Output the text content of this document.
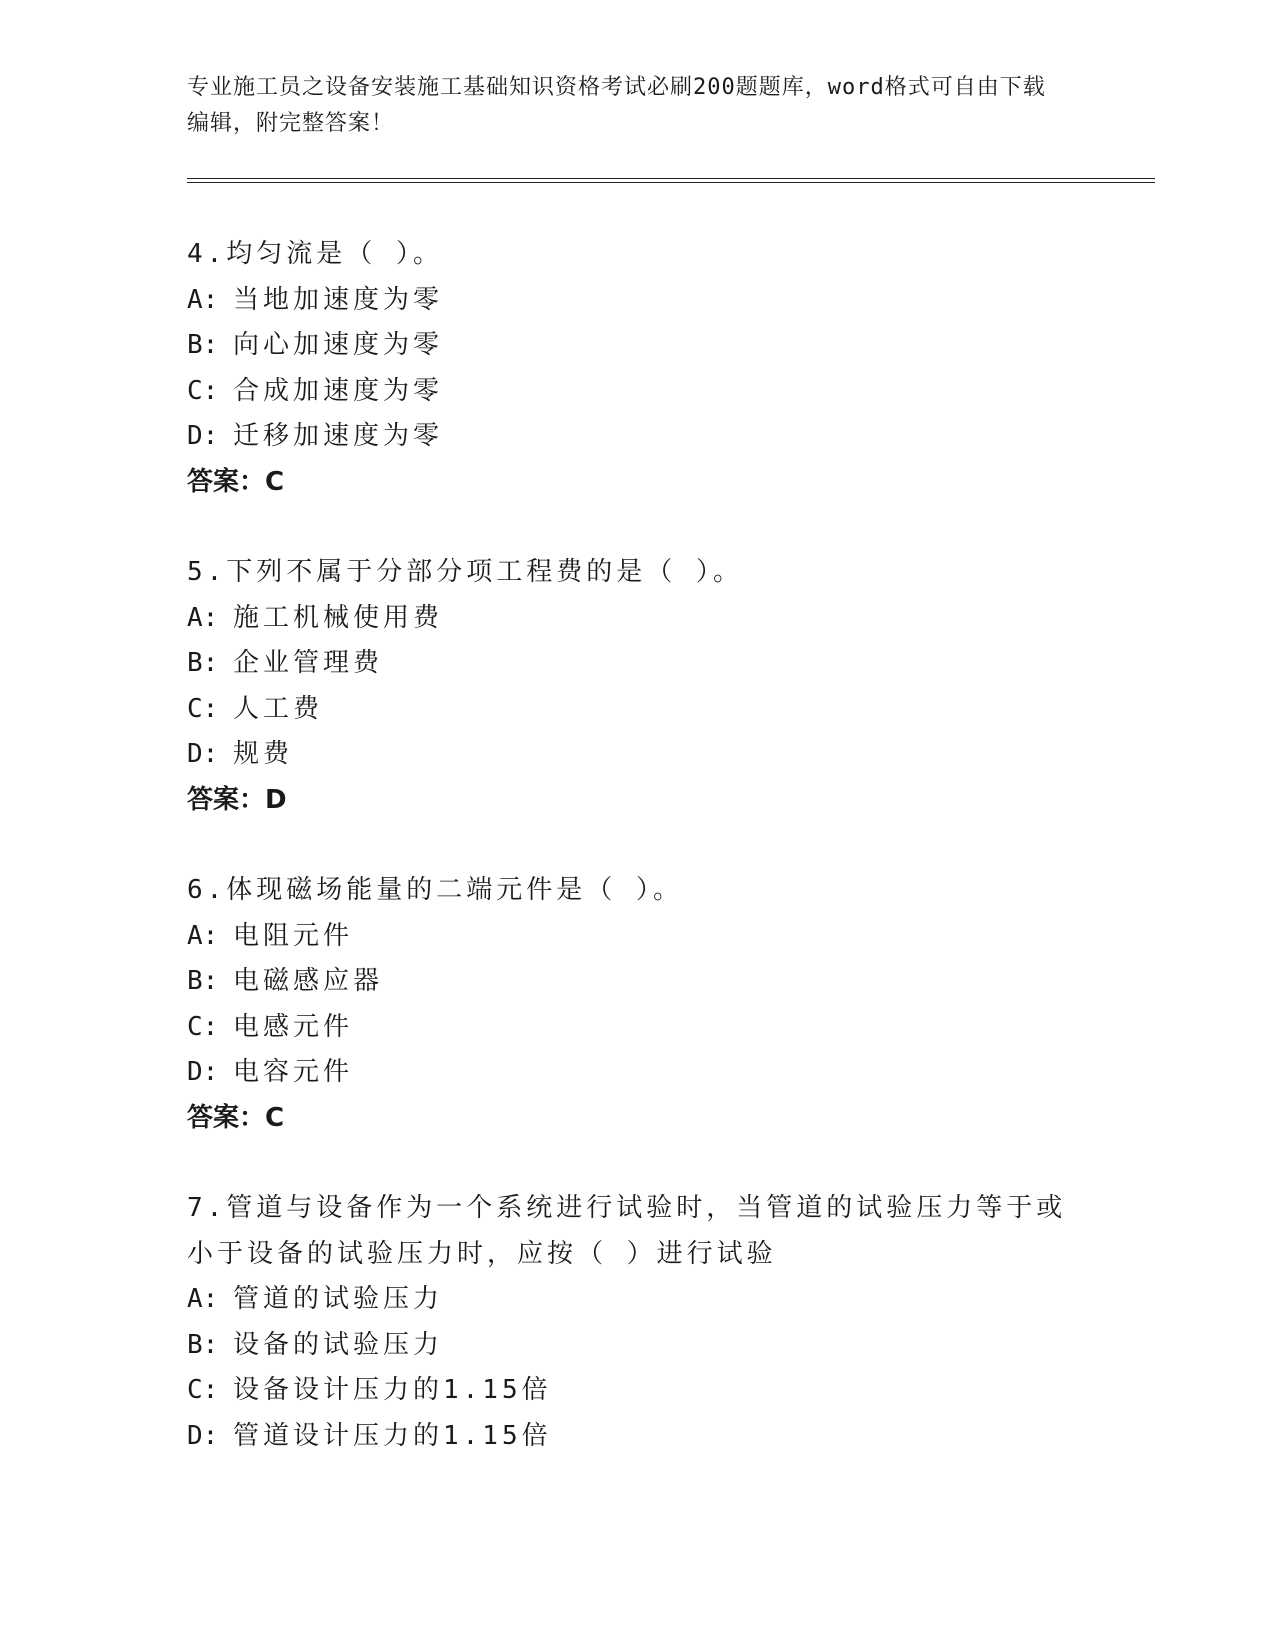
专业施工员之设备安装施工基础知识资格考试必刷200题题库，word格式可自由下载编辑，附完整答案！
4.均匀流是（ ）。
A: 当地加速度为零
B: 向心加速度为零
C: 合成加速度为零
D: 迁移加速度为零
答案：C
5.下列不属于分部分项工程费的是（ ）。
A: 施工机械使用费
B: 企业管理费
C: 人工费
D: 规费
答案：D
6.体现磁场能量的二端元件是（ ）。
A: 电阻元件
B: 电磁感应器
C: 电感元件
D: 电容元件
答案：C
7.管道与设备作为一个系统进行试验时，当管道的试验压力等于或小于设备的试验压力时，应按（ ）进行试验
A: 管道的试验压力
B: 设备的试验压力
C: 设备设计压力的1.15倍
D: 管道设计压力的1.15倍
